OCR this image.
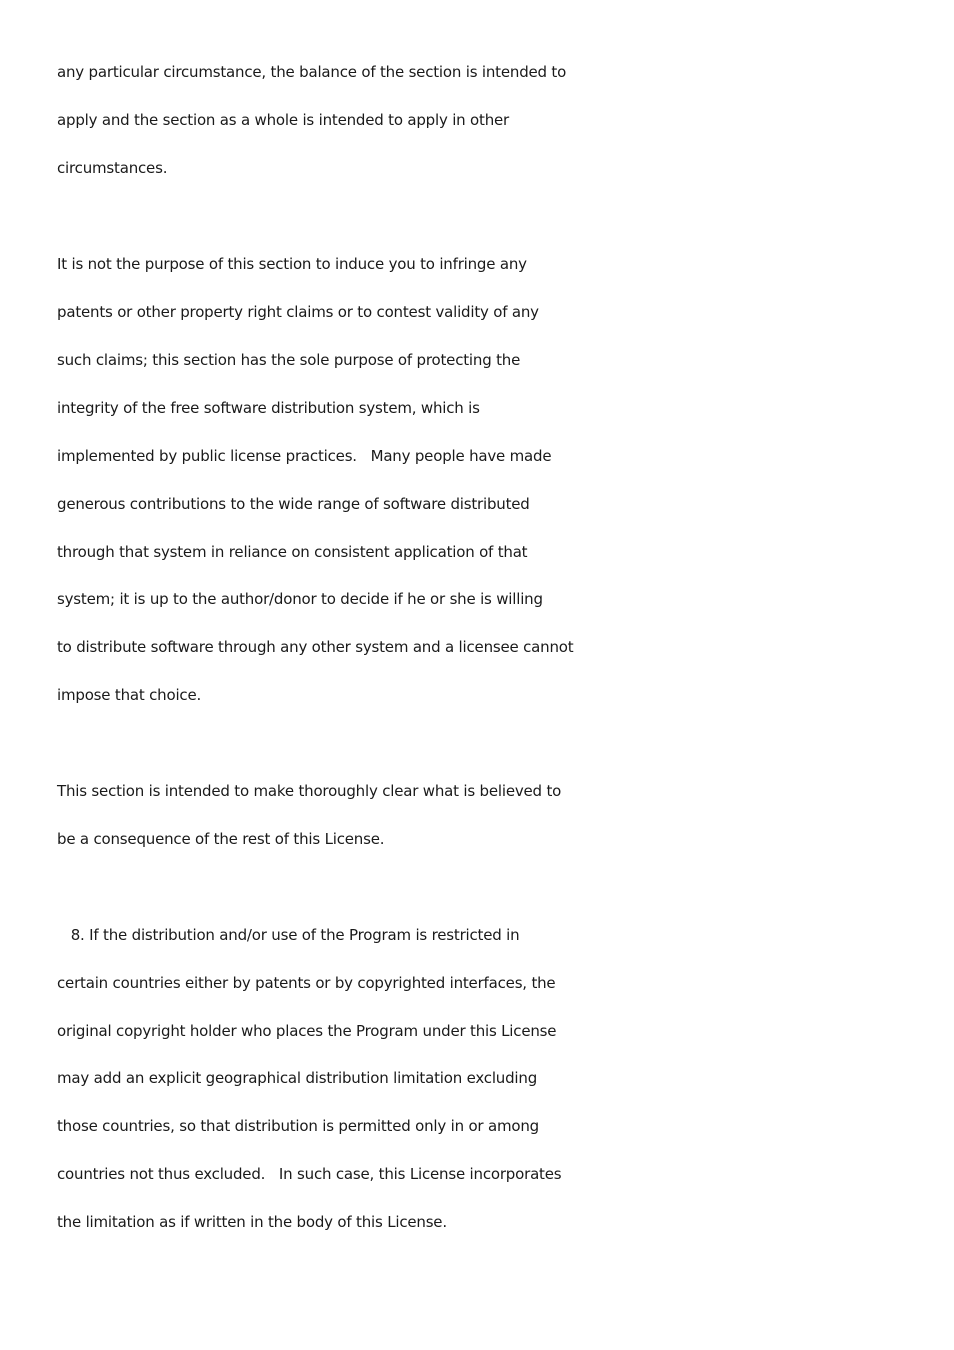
any particular circumstance, the balance of the section is intended to
apply and the section as a whole is intended to apply in other
circumstances.
It is not the purpose of this section to induce you to infringe any
patents or other property right claims or to contest validity of any
such claims; this section has the sole purpose of protecting the
integrity of the free software distribution system, which is
implemented by public license practices.   Many people have made
generous contributions to the wide range of software distributed
through that system in reliance on consistent application of that
system; it is up to the author/donor to decide if he or she is willing
to distribute software through any other system and a licensee cannot
impose that choice.
This section is intended to make thoroughly clear what is believed to
be a consequence of the rest of this License.
8. If the distribution and/or use of the Program is restricted in
certain countries either by patents or by copyrighted interfaces, the
original copyright holder who places the Program under this License
may add an explicit geographical distribution limitation excluding
those countries, so that distribution is permitted only in or among
countries not thus excluded.   In such case, this License incorporates
the limitation as if written in the body of this License.
